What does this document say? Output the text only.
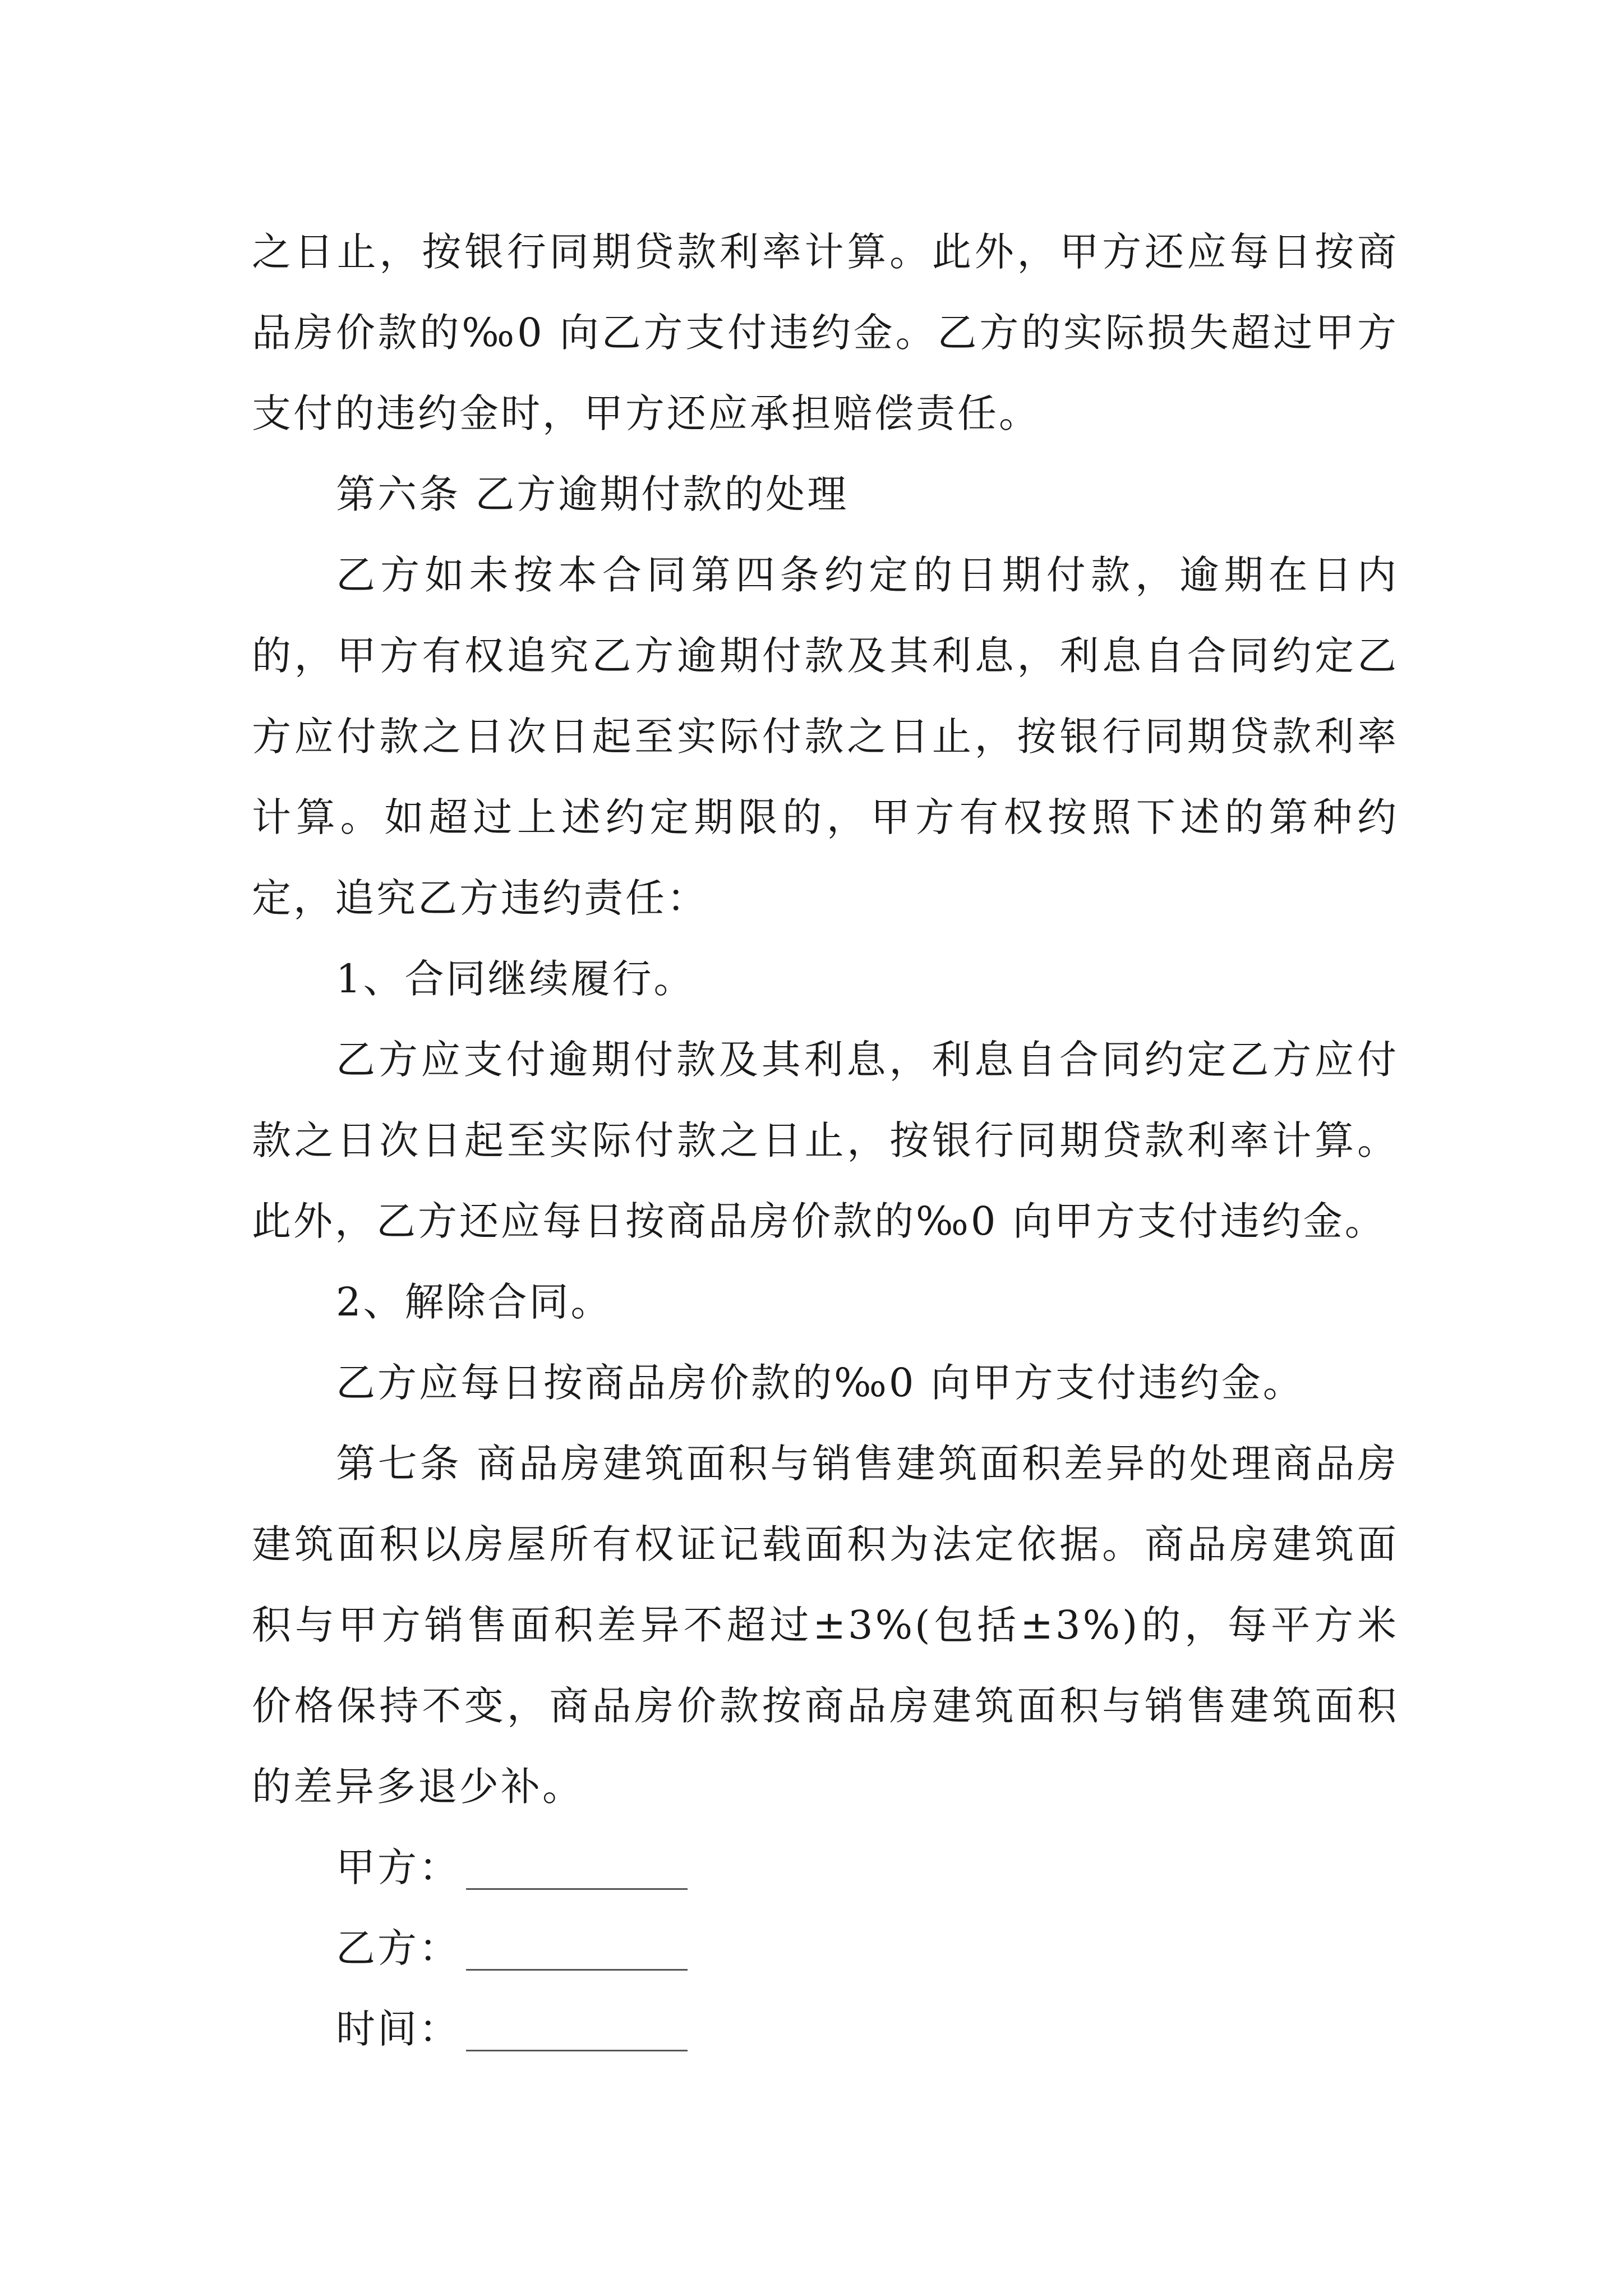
之日止，按银行同期贷款利率计算。此外，甲方还应每日按商品房价款的‰0 向乙方支付违约金。乙方的实际损失超过甲方支付的违约金时，甲方还应承担赔偿责任。

第六条 乙方逾期付款的处理

乙方如未按本合同第四条约定的日期付款，逾期在日内的，甲方有权追究乙方逾期付款及其利息，利息自合同约定乙方应付款之日次日起至实际付款之日止，按银行同期贷款利率计算。如超过上述约定期限的，甲方有权按照下述的第种约定，追究乙方违约责任：

1、合同继续履行。

乙方应支付逾期付款及其利息，利息自合同约定乙方应付款之日次日起至实际付款之日止，按银行同期贷款利率计算。此外，乙方还应每日按商品房价款的‰0 向甲方支付违约金。

2、解除合同。

乙方应每日按商品房价款的‰0 向甲方支付违约金。

第七条 商品房建筑面积与销售建筑面积差异的处理商品房建筑面积以房屋所有权证记载面积为法定依据。商品房建筑面积与甲方销售面积差异不超过±3%(包括±3%)的，每平方米价格保持不变，商品房价款按商品房建筑面积与销售建筑面积的差异多退少补。

甲方：
乙方：
时间：
